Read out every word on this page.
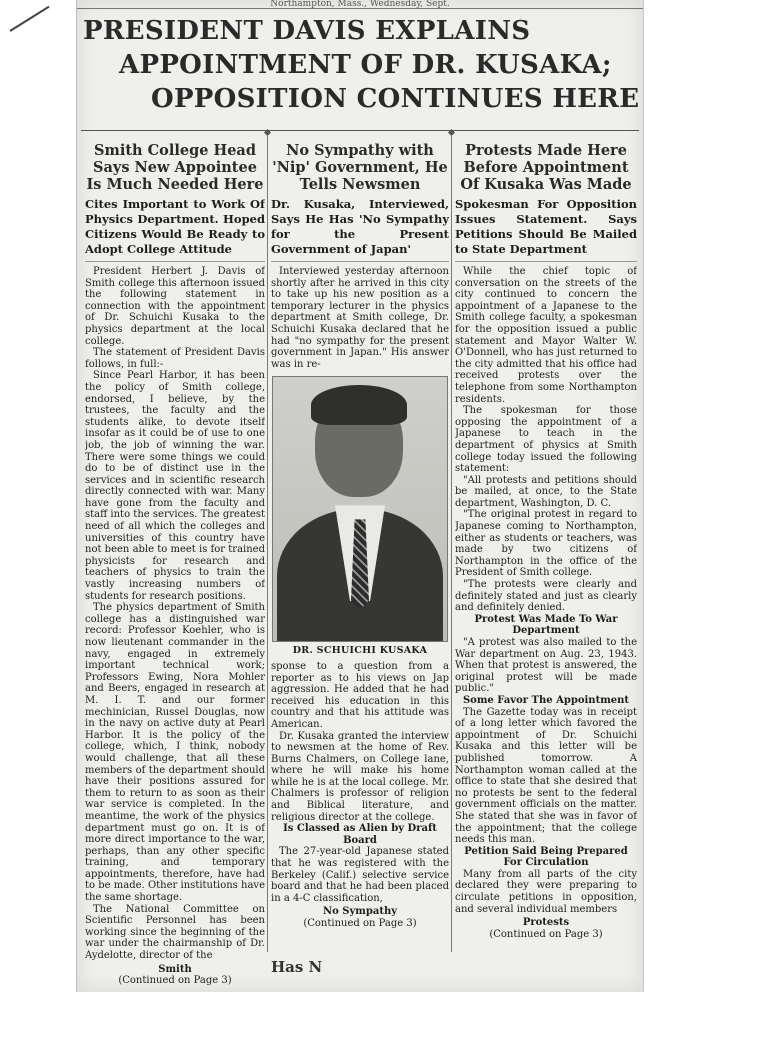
Northampton, Mass., Wednesday, Sept.

PRESIDENT DAVIS EXPLAINS

APPOINTMENT OF DR. KUSAKA;

OPPOSITION CONTINUES HERE

Smith College Head Says New Appointee Is Much Needed Here
Cites Important to Work Of Physics Department. Hoped Citizens Would Be Ready to Adopt College Attitude

President Herbert J. Davis of Smith college this afternoon issued the following statement in connection with the appointment of Dr. Schuichi Kusaka to the physics department at the local college.

The statement of President Davis follows, in full:-

Since Pearl Harbor, it has been the policy of Smith college, endorsed, I believe, by the trustees, the faculty and the students alike, to devote itself insofar as it could be of use to one job, the job of winning the war. There were some things we could do to be of distinct use in the services and in scientific research directly connected with war. Many have gone from the faculty and staff into the services. The greatest need of all which the colleges and universities of this country have not been able to meet is for trained physicists for research and teachers of physics to train the vastly increasing numbers of students for research positions.

The physics department of Smith college has a distinguished war record: Professor Koehler, who is now lieutenant commander in the navy, engaged in extremely important technical work; Professors Ewing, Nora Mohler and Beers, engaged in research at M. I. T. and our former mechinician, Russel Douglas, now in the navy on active duty at Pearl Harbor. It is the policy of the college, which, I think, nobody would challenge, that all these members of the department should have their positions assured for them to return to as soon as their war service is completed. In the meantime, the work of the physics department must go on. It is of more direct importance to the war, perhaps, than any other specific training, and temporary appointments, therefore, have had to be made. Other institutions have the same shortage.

The National Committee on Scientific Personnel has been working since the beginning of the war under the chairmanship of Dr. Aydelotte, director of the

Smith
(Continued on Page 3)
No Sympathy with 'Nip' Government, He Tells Newsmen
Dr. Kusaka, Interviewed, Says He Has 'No Sympathy for the Present Government of Japan'

Interviewed yesterday afternoon shortly after he arrived in this city to take up his new position as a temporary lecturer in the physics department at Smith college, Dr. Schuichi Kusaka declared that he had "no sympathy for the present government in Japan." His answer was in re-

DR. SCHUICHI KUSAKA

sponse to a question from a reporter as to his views on Jap aggression. He added that he had received his education in this country and that his attitude was American.

Dr. Kusaka granted the interview to newsmen at the home of Rev. Burns Chalmers, on College lane, where he will make his home while he is at the local college. Mr. Chalmers is professor of religion and Biblical literature, and religious director at the college.

Is Classed as Alien by Draft Board

The 27-year-old Japanese stated that he was registered with the Berkeley (Calif.) selective service board and that he had been placed in a 4-C classification,

No Sympathy
(Continued on Page 3)
Protests Made Here Before Appointment Of Kusaka Was Made
Spokesman For Opposition Issues Statement. Says Petitions Should Be Mailed to State Department

While the chief topic of conversation on the streets of the city continued to concern the appointment of a Japanese to the Smith college faculty, a spokesman for the opposition issued a public statement and Mayor Walter W. O'Donnell, who has just returned to the city admitted that his office had received protests over the telephone from some Northampton residents.

The spokesman for those opposing the appointment of a Japanese to teach in the department of physics at Smith college today issued the following statement:

"All protests and petitions should be mailed, at once, to the State department, Washington, D. C.

"The original protest in regard to Japanese coming to Northampton, either as students or teachers, was made by two citizens of Northampton in the office of the President of Smith college.

"The protests were clearly and definitely stated and just as clearly and definitely denied.

Protest Was Made To War Department

"A protest was also mailed to the War department on Aug. 23, 1943. When that protest is answered, the original protest will be made public."

Some Favor The Appointment

The Gazette today was in receipt of a long letter which favored the appointment of Dr. Schuichi Kusaka and this letter will be published tomorrow. A Northampton woman called at the office to state that she desired that no protests be sent to the federal government officials on the matter. She stated that she was in favor of the appointment; that the college needs this man.

Petition Said Being Prepared For Circulation

Many from all parts of the city declared they were preparing to circulate petitions in opposition, and several individual members

Protests
(Continued on Page 3)
Has N
